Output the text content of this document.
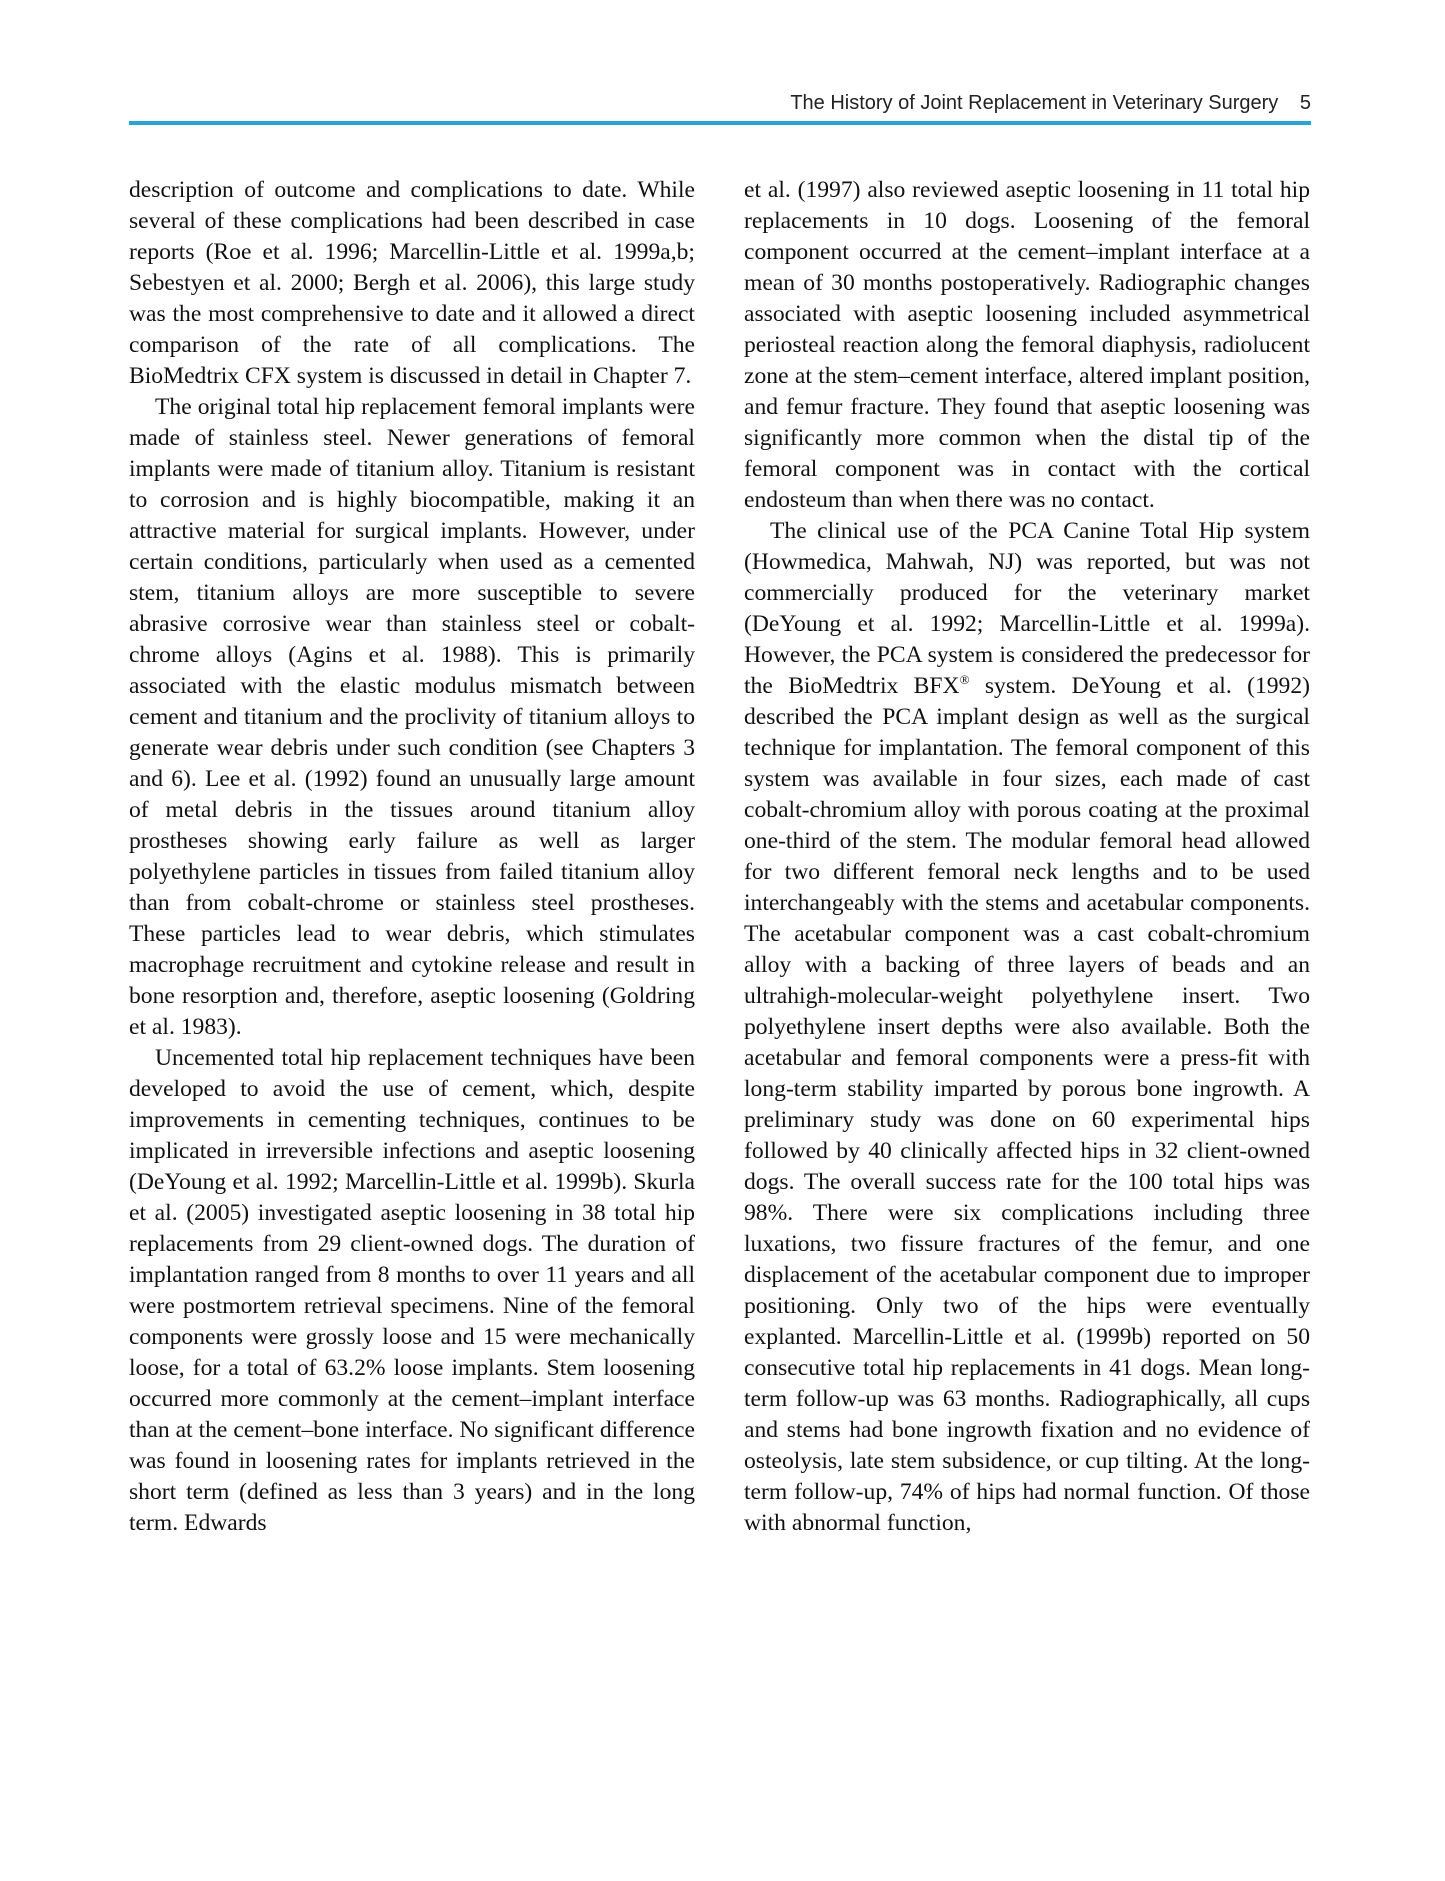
The History of Joint Replacement in Veterinary Surgery 5

description of outcome and complications to date. While several of these complications had been described in case reports (Roe et al. 1996; Marcellin-Little et al. 1999a,b; Sebestyen et al. 2000; Bergh et al. 2006), this large study was the most comprehensive to date and it allowed a direct comparison of the rate of all complications. The BioMedtrix CFX system is discussed in detail in Chapter 7.

The original total hip replacement femoral implants were made of stainless steel. Newer generations of femoral implants were made of titanium alloy. Titanium is resistant to corrosion and is highly biocompatible, making it an attractive material for surgical implants. However, under certain conditions, particularly when used as a cemented stem, titanium alloys are more susceptible to severe abrasive corrosive wear than stainless steel or cobalt-chrome alloys (Agins et al. 1988). This is primarily associated with the elastic modulus mismatch between cement and titanium and the proclivity of titanium alloys to generate wear debris under such condition (see Chapters 3 and 6). Lee et al. (1992) found an unusually large amount of metal debris in the tissues around titanium alloy prostheses showing early failure as well as larger polyethylene particles in tissues from failed titanium alloy than from cobalt-chrome or stainless steel prostheses. These particles lead to wear debris, which stimulates macrophage recruitment and cytokine release and result in bone resorption and, therefore, aseptic loosening (Goldring et al. 1983).

Uncemented total hip replacement techniques have been developed to avoid the use of cement, which, despite improvements in cementing techniques, continues to be implicated in irreversible infections and aseptic loosening (DeYoung et al. 1992; Marcellin-Little et al. 1999b). Skurla et al. (2005) investigated aseptic loosening in 38 total hip replacements from 29 client-owned dogs. The duration of implantation ranged from 8 months to over 11 years and all were postmortem retrieval specimens. Nine of the femoral components were grossly loose and 15 were mechanically loose, for a total of 63.2% loose implants. Stem loosening occurred more commonly at the cement–implant interface than at the cement–bone interface. No significant difference was found in loosening rates for implants retrieved in the short term (defined as less than 3 years) and in the long term. Edwards

et al. (1997) also reviewed aseptic loosening in 11 total hip replacements in 10 dogs. Loosening of the femoral component occurred at the cement–implant interface at a mean of 30 months postoperatively. Radiographic changes associated with aseptic loosening included asymmetrical periosteal reaction along the femoral diaphysis, radiolucent zone at the stem–cement interface, altered implant position, and femur fracture. They found that aseptic loosening was significantly more common when the distal tip of the femoral component was in contact with the cortical endosteum than when there was no contact.

The clinical use of the PCA Canine Total Hip system (Howmedica, Mahwah, NJ) was reported, but was not commercially produced for the veterinary market (DeYoung et al. 1992; Marcellin-Little et al. 1999a). However, the PCA system is considered the predecessor for the BioMedtrix BFX® system. DeYoung et al. (1992) described the PCA implant design as well as the surgical technique for implantation. The femoral component of this system was available in four sizes, each made of cast cobalt-chromium alloy with porous coating at the proximal one-third of the stem. The modular femoral head allowed for two different femoral neck lengths and to be used interchangeably with the stems and acetabular components. The acetabular component was a cast cobalt-chromium alloy with a backing of three layers of beads and an ultrahigh-molecular-weight polyethylene insert. Two polyethylene insert depths were also available. Both the acetabular and femoral components were a press-fit with long-term stability imparted by porous bone ingrowth. A preliminary study was done on 60 experimental hips followed by 40 clinically affected hips in 32 client-owned dogs. The overall success rate for the 100 total hips was 98%. There were six complications including three luxations, two fissure fractures of the femur, and one displacement of the acetabular component due to improper positioning. Only two of the hips were eventually explanted. Marcellin-Little et al. (1999b) reported on 50 consecutive total hip replacements in 41 dogs. Mean long-term follow-up was 63 months. Radiographically, all cups and stems had bone ingrowth fixation and no evidence of osteolysis, late stem subsidence, or cup tilting. At the long-term follow-up, 74% of hips had normal function. Of those with abnormal function,
